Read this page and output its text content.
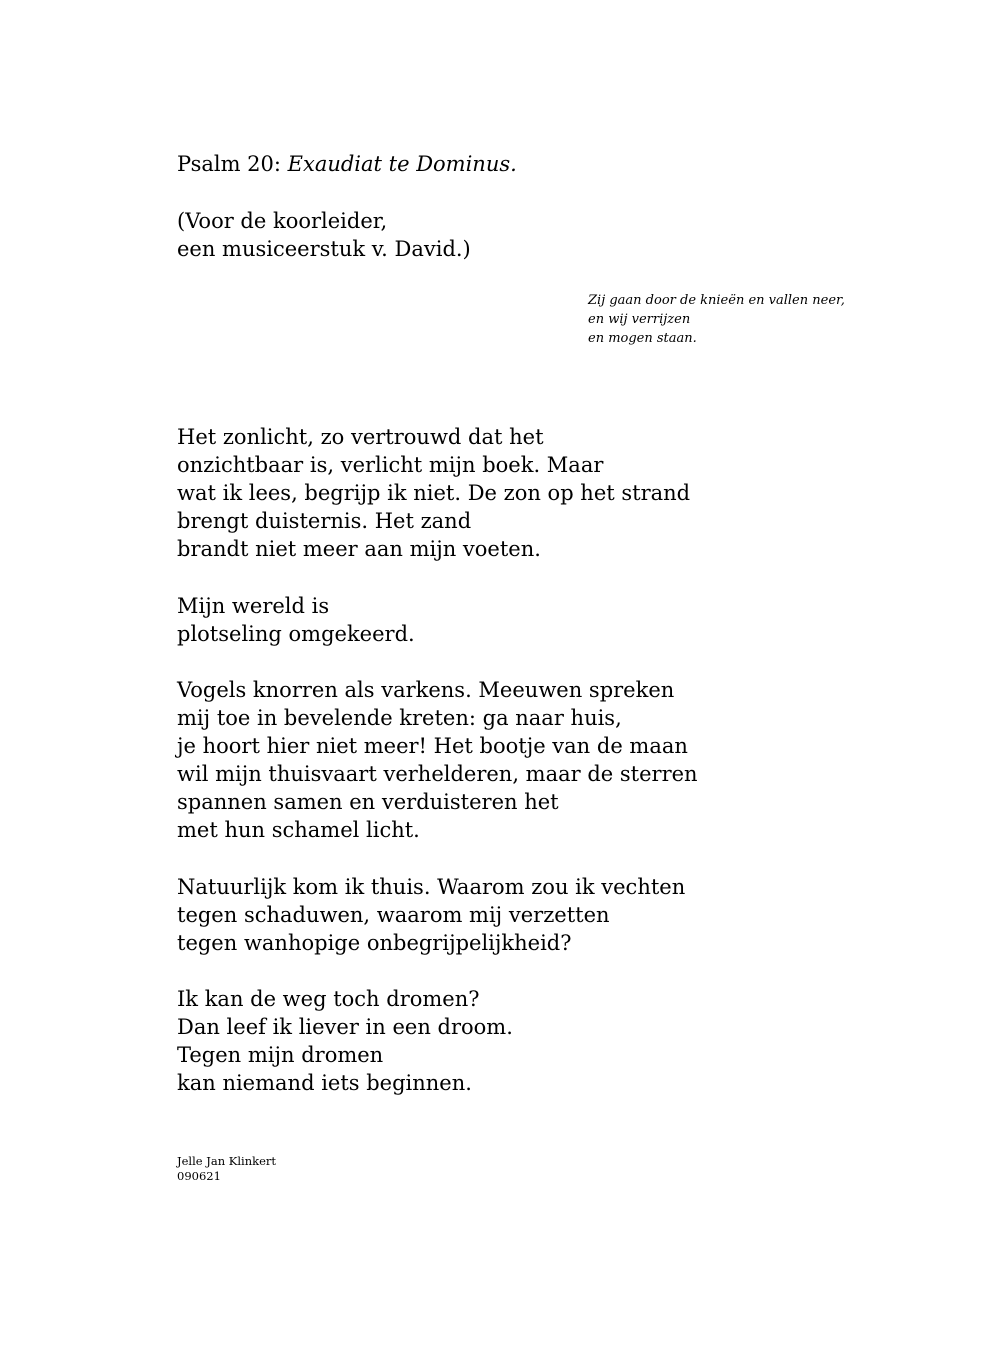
Psalm 20: Exaudiat te Dominus.
(Voor de koorleider,
een musiceerstuk v. David.)
Zij gaan door de knieën en vallen neer,
en wij verrijzen
en mogen staan.
Het zonlicht, zo vertrouwd dat het
onzichtbaar is, verlicht mijn boek. Maar
wat ik lees, begrijp ik niet. De zon op het strand
brengt duisternis. Het zand
brandt niet meer aan mijn voeten.
Mijn wereld is
plotseling omgekeerd.
Vogels knorren als varkens. Meeuwen spreken
mij toe in bevelende kreten: ga naar huis,
je hoort hier niet meer! Het bootje van de maan
wil mijn thuisvaart verhelderen, maar de sterren
spannen samen en verduisteren het
met hun schamel licht.
Natuurlijk kom ik thuis. Waarom zou ik vechten
tegen schaduwen, waarom mij verzetten
tegen wanhopige onbegrijpelijkheid?
Ik kan de weg toch dromen?
Dan leef ik liever in een droom.
Tegen mijn dromen
kan niemand iets beginnen.
Jelle Jan Klinkert
090621
